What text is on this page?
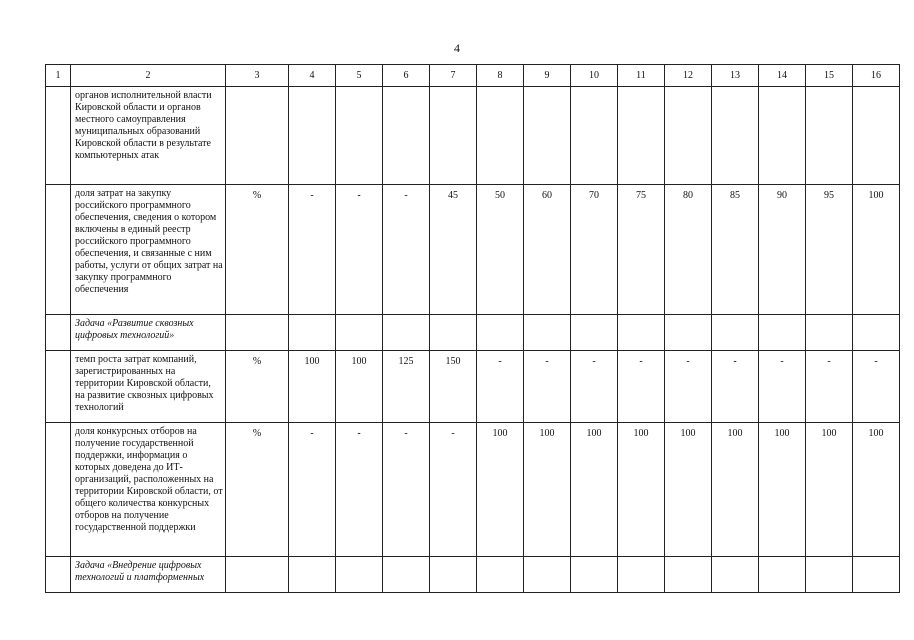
4
1	2	3	4	5	6	7	8	9	10	11	12	13	14	15	16
	органов исполнительной власти Кировской области и органов местного самоуправления муниципальных образований Кировской области в результате компьютерных атак														
	доля затрат на закупку российского программного обеспечения, сведения о котором включены в единый реестр российского программного обеспечения, и связанные с ним работы, услуги от общих затрат на закупку программного обеспечения	%	-	-	-	45	50	60	70	75	80	85	90	95	100
	Задача «Развитие сквозных цифровых технологий»														
	темп роста затрат компаний, зарегистрированных на территории Кировской области, на развитие сквозных цифровых технологий	%	100	100	125	150	-	-	-	-	-	-	-	-	-
	доля конкурсных отборов на получение государственной поддержки, информация о которых доведена до ИТ-организаций, расположенных на территории Кировской области, от общего количества конкурсных отборов на получение государственной поддержки	%	-	-	-	-	100	100	100	100	100	100	100	100	100
	Задача «Внедрение цифровых технологий и платформенных														
